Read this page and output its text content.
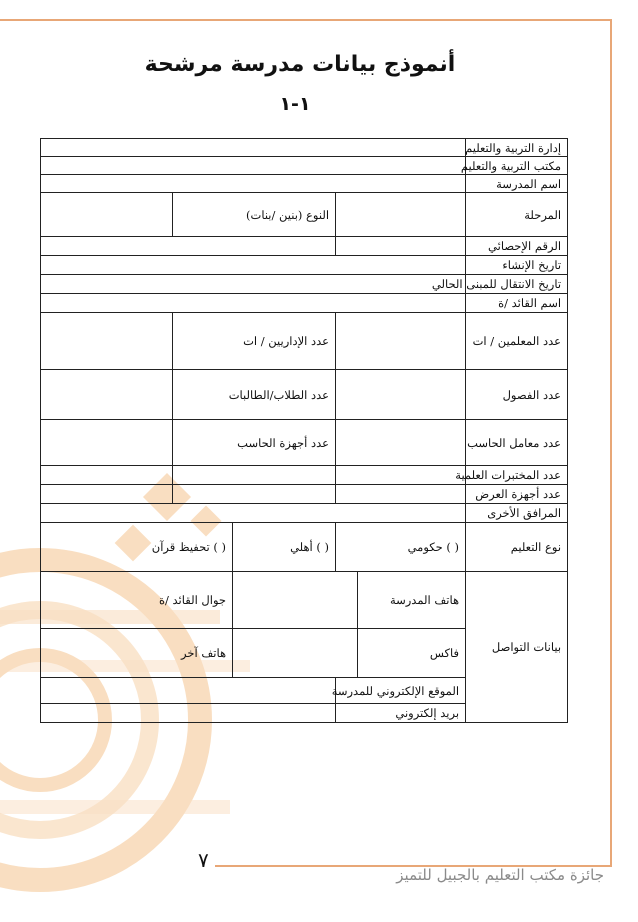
أنموذج بيانات مدرسة مرشحة
١-١
إدارة التربية والتعليم					
مكتب التربية والتعليم					
اسم المدرسة					
المرحلة			النوع (بنين /بنات)		
الرقم الإحصائي					
تاريخ الإنشاء					
تاريخ الانتقال للمبنى الحالي					
اسم القائد /ة					
عدد المعلمين / ات			عدد الإداريين / ات		
عدد الفصول			عدد الطلاب/الطالبات		
عدد معامل الحاسب			عدد أجهزة الحاسب		
عدد المختبرات العلمية					
عدد أجهزة العرض					
المرافق الأخرى					
نوع التعليم	( ) حكومي		( ) أهلي	( ) تحفيظ قرآن	
بيانات التواصل	هاتف المدرسة			جوال القائد /ة	
	فاكس			هاتف آخر	
	الموقع الإلكتروني للمدرسة				
	بريد إلكتروني				
٧
جائزة مكتب التعليم بالجبيل للتميز
